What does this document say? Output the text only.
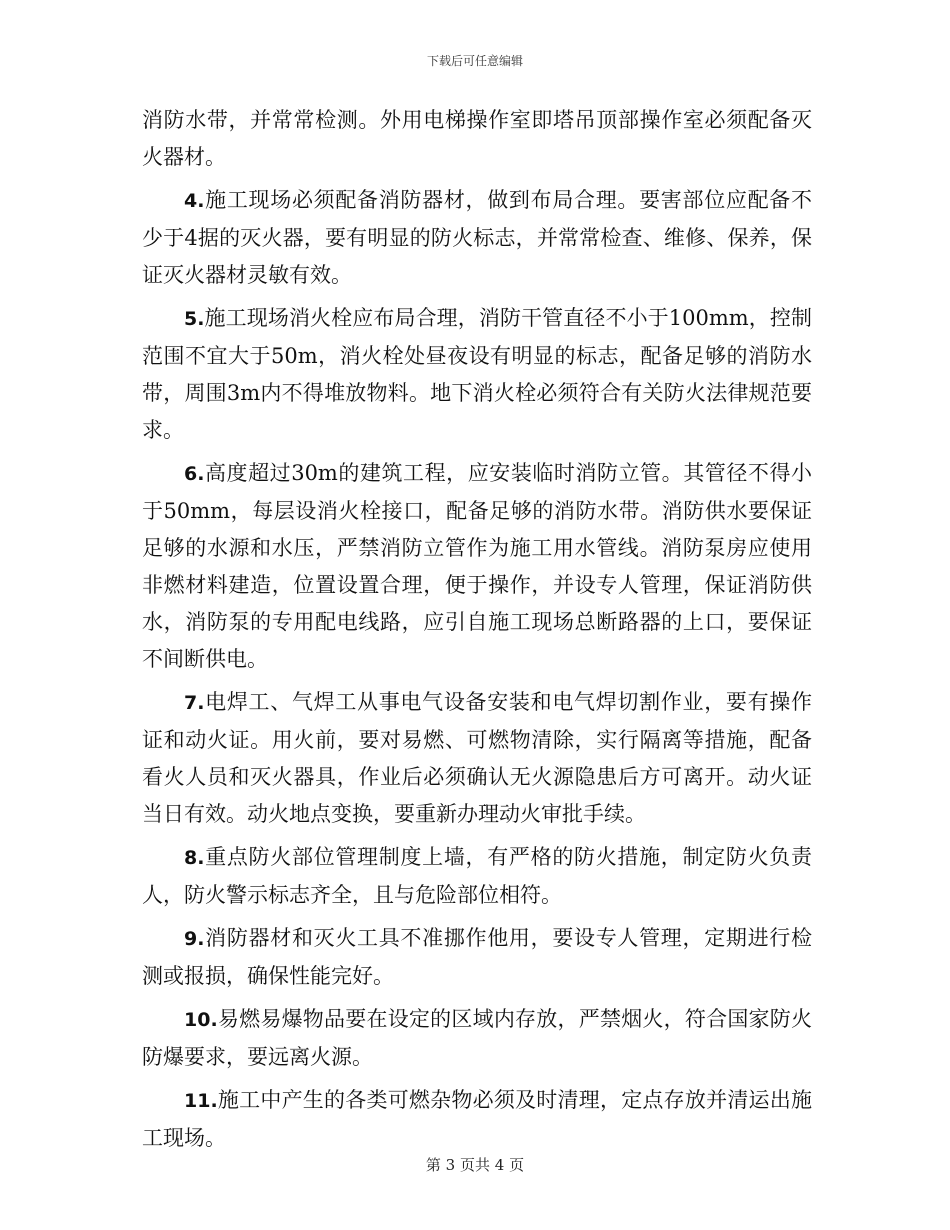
下载后可任意编辑

消防水带，并常常检测。外用电梯操作室即塔吊顶部操作室必须配备灭火器材。

4.施工现场必须配备消防器材，做到布局合理。要害部位应配备不少于4据的灭火器，要有明显的防火标志，并常常检查、维修、保养，保证灭火器材灵敏有效。

5.施工现场消火栓应布局合理，消防干管直径不小于100mm，控制范围不宜大于50m，消火栓处昼夜设有明显的标志，配备足够的消防水带，周围3m内不得堆放物料。地下消火栓必须符合有关防火法律规范要求。

6.高度超过30m的建筑工程，应安装临时消防立管。其管径不得小于50mm，每层设消火栓接口，配备足够的消防水带。消防供水要保证足够的水源和水压，严禁消防立管作为施工用水管线。消防泵房应使用非燃材料建造，位置设置合理，便于操作，并设专人管理，保证消防供水，消防泵的专用配电线路，应引自施工现场总断路器的上口，要保证不间断供电。

7.电焊工、气焊工从事电气设备安装和电气焊切割作业，要有操作证和动火证。用火前，要对易燃、可燃物清除，实行隔离等措施，配备看火人员和灭火器具，作业后必须确认无火源隐患后方可离开。动火证当日有效。动火地点变换，要重新办理动火审批手续。

8.重点防火部位管理制度上墙，有严格的防火措施，制定防火负责人，防火警示标志齐全，且与危险部位相符。

9.消防器材和灭火工具不准挪作他用，要设专人管理，定期进行检测或报损，确保性能完好。

10.易燃易爆物品要在设定的区域内存放，严禁烟火，符合国家防火防爆要求，要远离火源。

11.施工中产生的各类可燃杂物必须及时清理，定点存放并清运出施工现场。

第 3 页共 4 页
